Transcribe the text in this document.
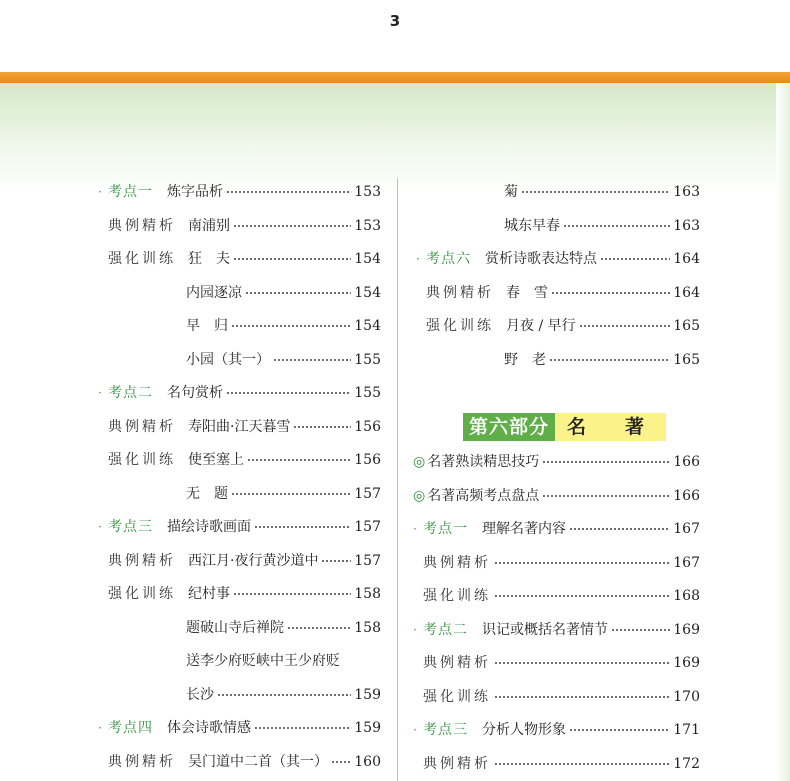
3
· 考点一 炼字品析	153
典例精析 南浦别	153
强化训练 狂　夫	154
内园逐凉	154
早　归	154
小园（其一）	155
· 考点二 名句赏析	155
典例精析 寿阳曲·江天暮雪	156
强化训练 使至塞上	156
无　题	157
· 考点三 描绘诗歌画面	157
典例精析 西江月·夜行黄沙道中	157
强化训练 纪村事	158
题破山寺后禅院	158
送李少府贬峡中王少府贬
长沙	159
· 考点四 体会诗歌情感	159
典例精析 吴门道中二首（其一） 160
菊	163
城东早春	163
· 考点六 赏析诗歌表达特点	164
典例精析 春　雪	164
强化训练 月夜 / 早行	165
野　老	165
第六部分 名　著
◎ 名著熟读精思技巧	166
◎ 名著高频考点盘点	166
· 考点一 理解名著内容	167
典例精析	167
强化训练	168
· 考点二 识记或概括名著情节	169
典例精析	169
强化训练	170
· 考点三 分析人物形象	171
典例精析	172
